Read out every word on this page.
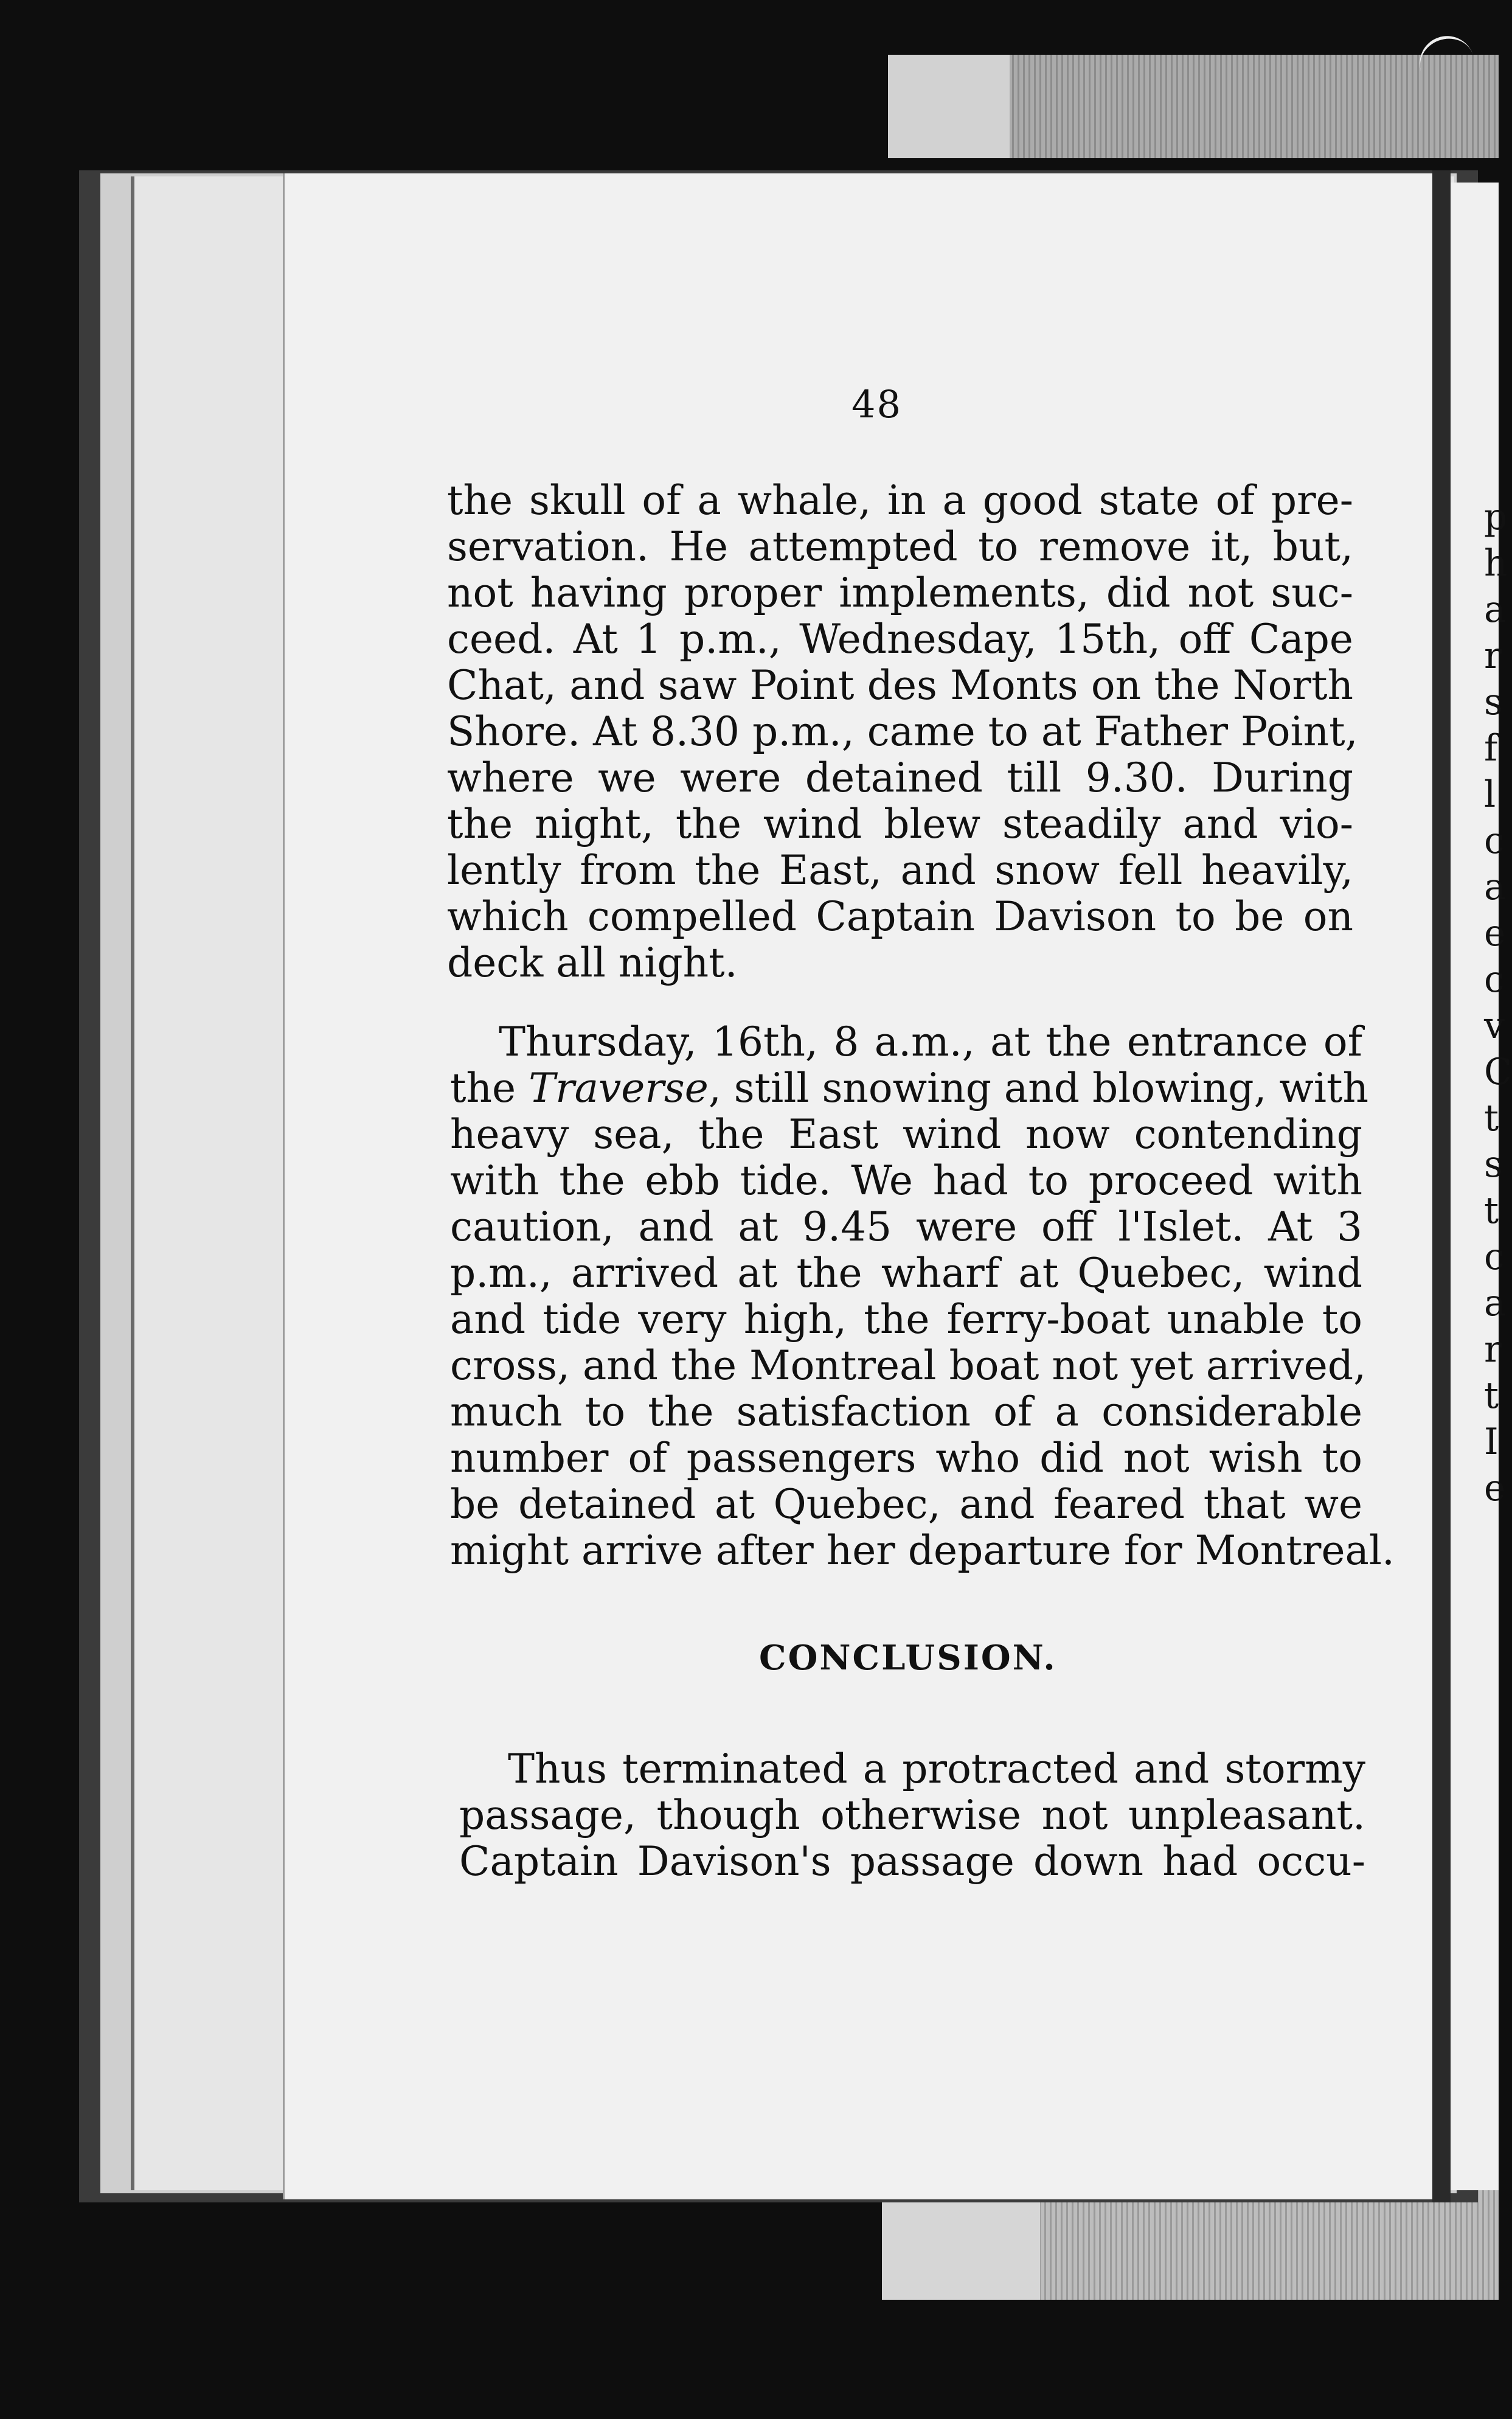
p
h
a
r
s
f
l
c
a
e
c
v
C
t
s
t
c
a
r
t
I
e
48

the skull of a whale, in a good state of pre-
servation. He attempted to remove it, but,
not having proper implements, did not suc-
ceed. At 1 p.m., Wednesday, 15th, off Cape
Chat, and saw Point des Monts on the North
Shore. At 8.30 p.m., came to at Father Point,
where we were detained till 9.30. During
the night, the wind blew steadily and vio-
lently from the East, and snow fell heavily,
which compelled Captain Davison to be on
deck all night.

Thursday, 16th, 8 a.m., at the entrance of
the Traverse, still snowing and blowing, with
heavy sea, the East wind now contending
with the ebb tide. We had to proceed with
caution, and at 9.45 were off l'Islet. At 3
p.m., arrived at the wharf at Quebec, wind
and tide very high, the ferry-boat unable to
cross, and the Montreal boat not yet arrived,
much to the satisfaction of a considerable
number of passengers who did not wish to
be detained at Quebec, and feared that we
might arrive after her departure for Montreal.

CONCLUSION.

Thus terminated a protracted and stormy
passage, though otherwise not unpleasant.
Captain Davison's passage down had occu-
